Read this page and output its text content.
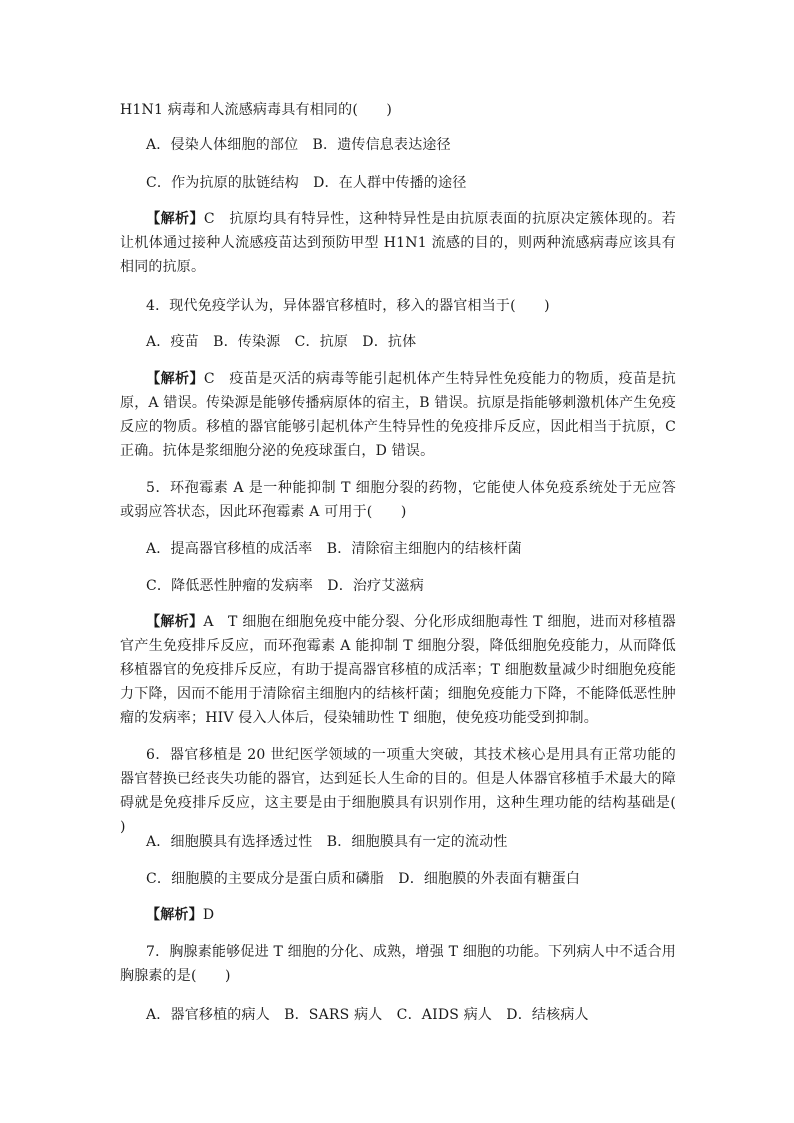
H1N1 病毒和人流感病毒具有相同的(　　)
A．侵染人体细胞的部位　B．遗传信息表达途径
C．作为抗原的肽链结构　D．在人群中传播的途径
【解析】C　抗原均具有特异性，这种特异性是由抗原表面的抗原决定簇体现的。若让机体通过接种人流感疫苗达到预防甲型 H1N1 流感的目的，则两种流感病毒应该具有相同的抗原。
4．现代免疫学认为，异体器官移植时，移入的器官相当于(　　)
A．疫苗　B．传染源　C．抗原　D．抗体
【解析】C　疫苗是灭活的病毒等能引起机体产生特异性免疫能力的物质，疫苗是抗原，A 错误。传染源是能够传播病原体的宿主，B 错误。抗原是指能够刺激机体产生免疫反应的物质。移植的器官能够引起机体产生特异性的免疫排斥反应，因此相当于抗原，C 正确。抗体是浆细胞分泌的免疫球蛋白，D 错误。
5．环孢霉素 A 是一种能抑制 T 细胞分裂的药物，它能使人体免疫系统处于无应答或弱应答状态，因此环孢霉素 A 可用于(　　)
A．提高器官移植的成活率　B．清除宿主细胞内的结核杆菌
C．降低恶性肿瘤的发病率　D．治疗艾滋病
【解析】A　T 细胞在细胞免疫中能分裂、分化形成细胞毒性 T 细胞，进而对移植器官产生免疫排斥反应，而环孢霉素 A 能抑制 T 细胞分裂，降低细胞免疫能力，从而降低移植器官的免疫排斥反应，有助于提高器官移植的成活率；T 细胞数量减少时细胞免疫能力下降，因而不能用于清除宿主细胞内的结核杆菌；细胞免疫能力下降，不能降低恶性肿瘤的发病率；HIV 侵入人体后，侵染辅助性 T 细胞，使免疫功能受到抑制。
6．器官移植是 20 世纪医学领域的一项重大突破，其技术核心是用具有正常功能的器官替换已经丧失功能的器官，达到延长人生命的目的。但是人体器官移植手术最大的障碍就是免疫排斥反应，这主要是由于细胞膜具有识别作用，这种生理功能的结构基础是(　　)
A．细胞膜具有选择透过性　B．细胞膜具有一定的流动性
C．细胞膜的主要成分是蛋白质和磷脂　D．细胞膜的外表面有糖蛋白
【解析】D
7．胸腺素能够促进 T 细胞的分化、成熟，增强 T 细胞的功能。下列病人中不适合用胸腺素的是(　　)
A．器官移植的病人　B．SARS 病人　C．AIDS 病人　D．结核病人
